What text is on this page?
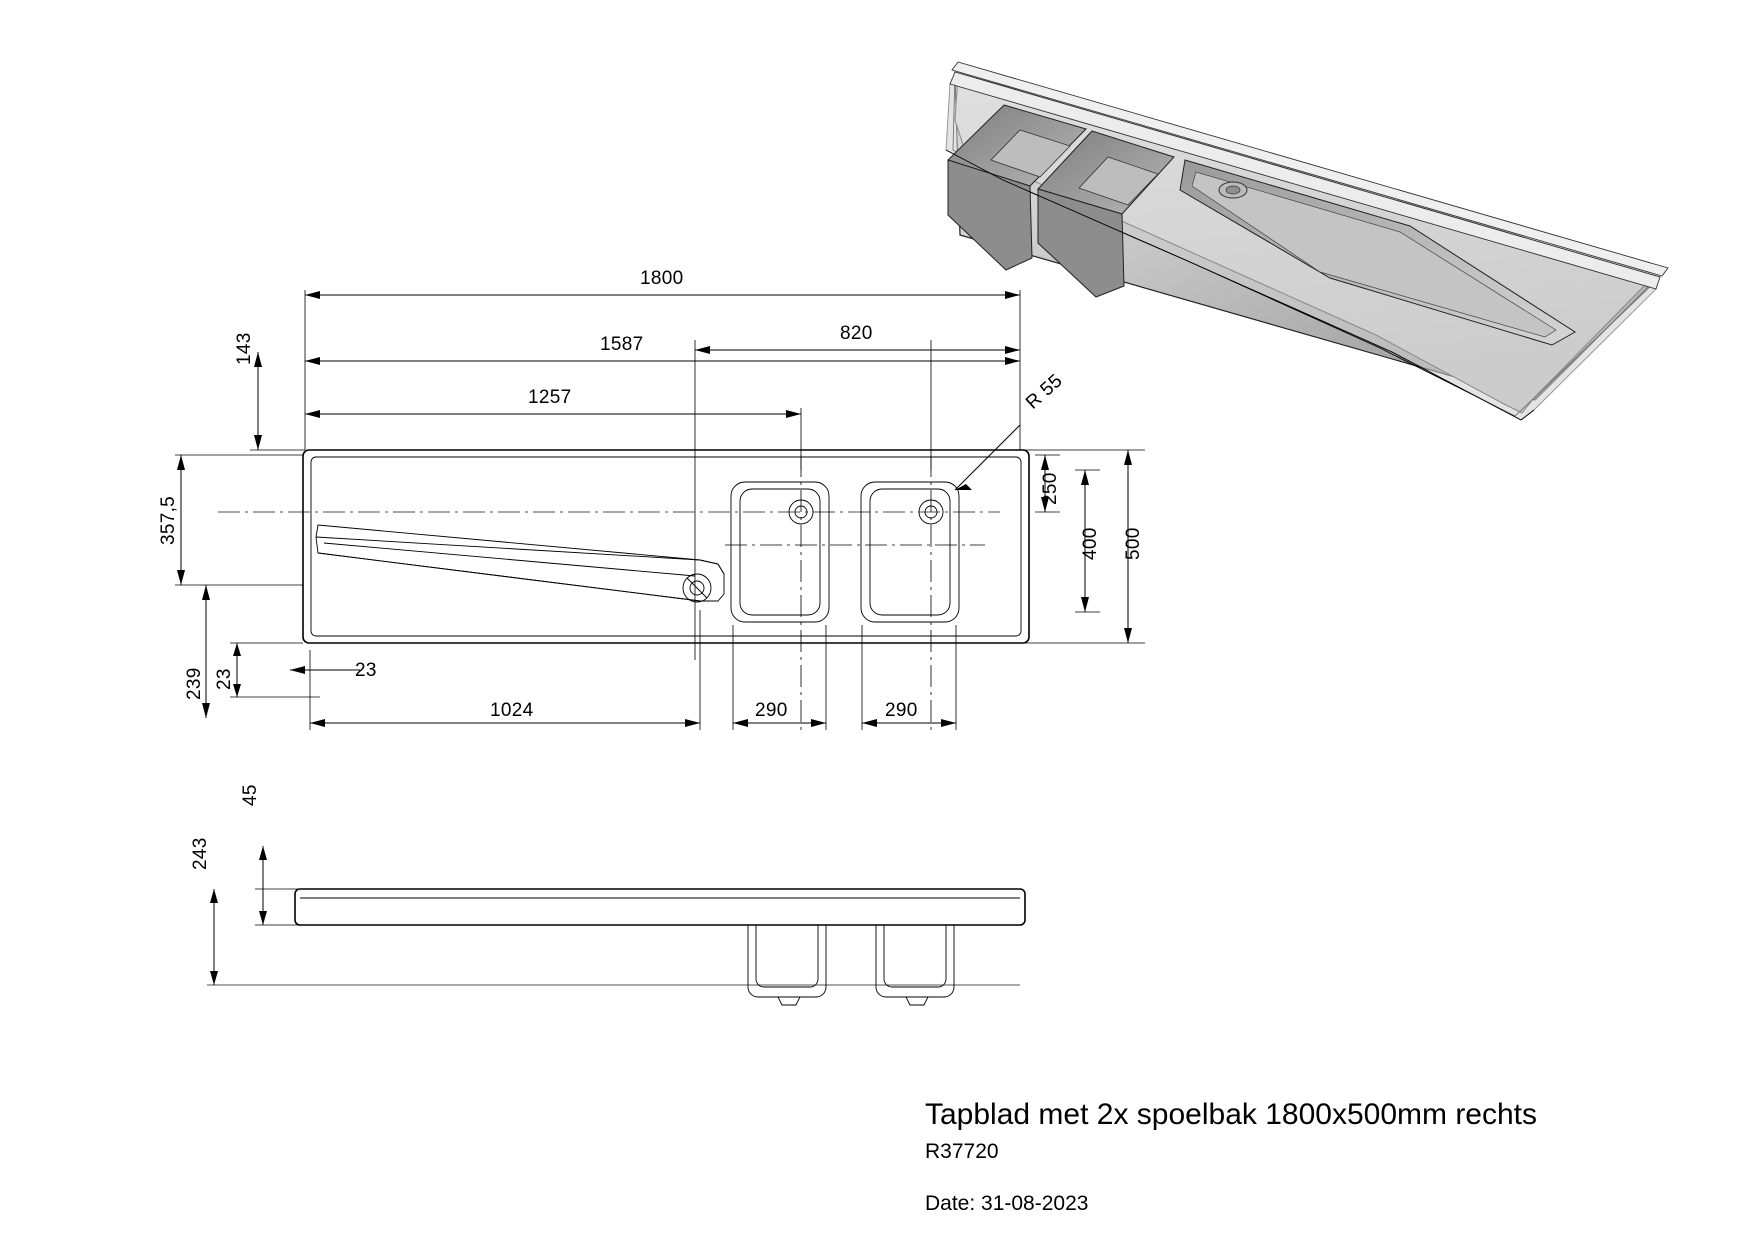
1800
1587
1257
820
143
357,5
239 23	23
1024	290	290
250
400 500
R 55
45
243
Tapblad met 2x spoelbak 1800x500mm rechts
R37720
Date: 31-08-2023
